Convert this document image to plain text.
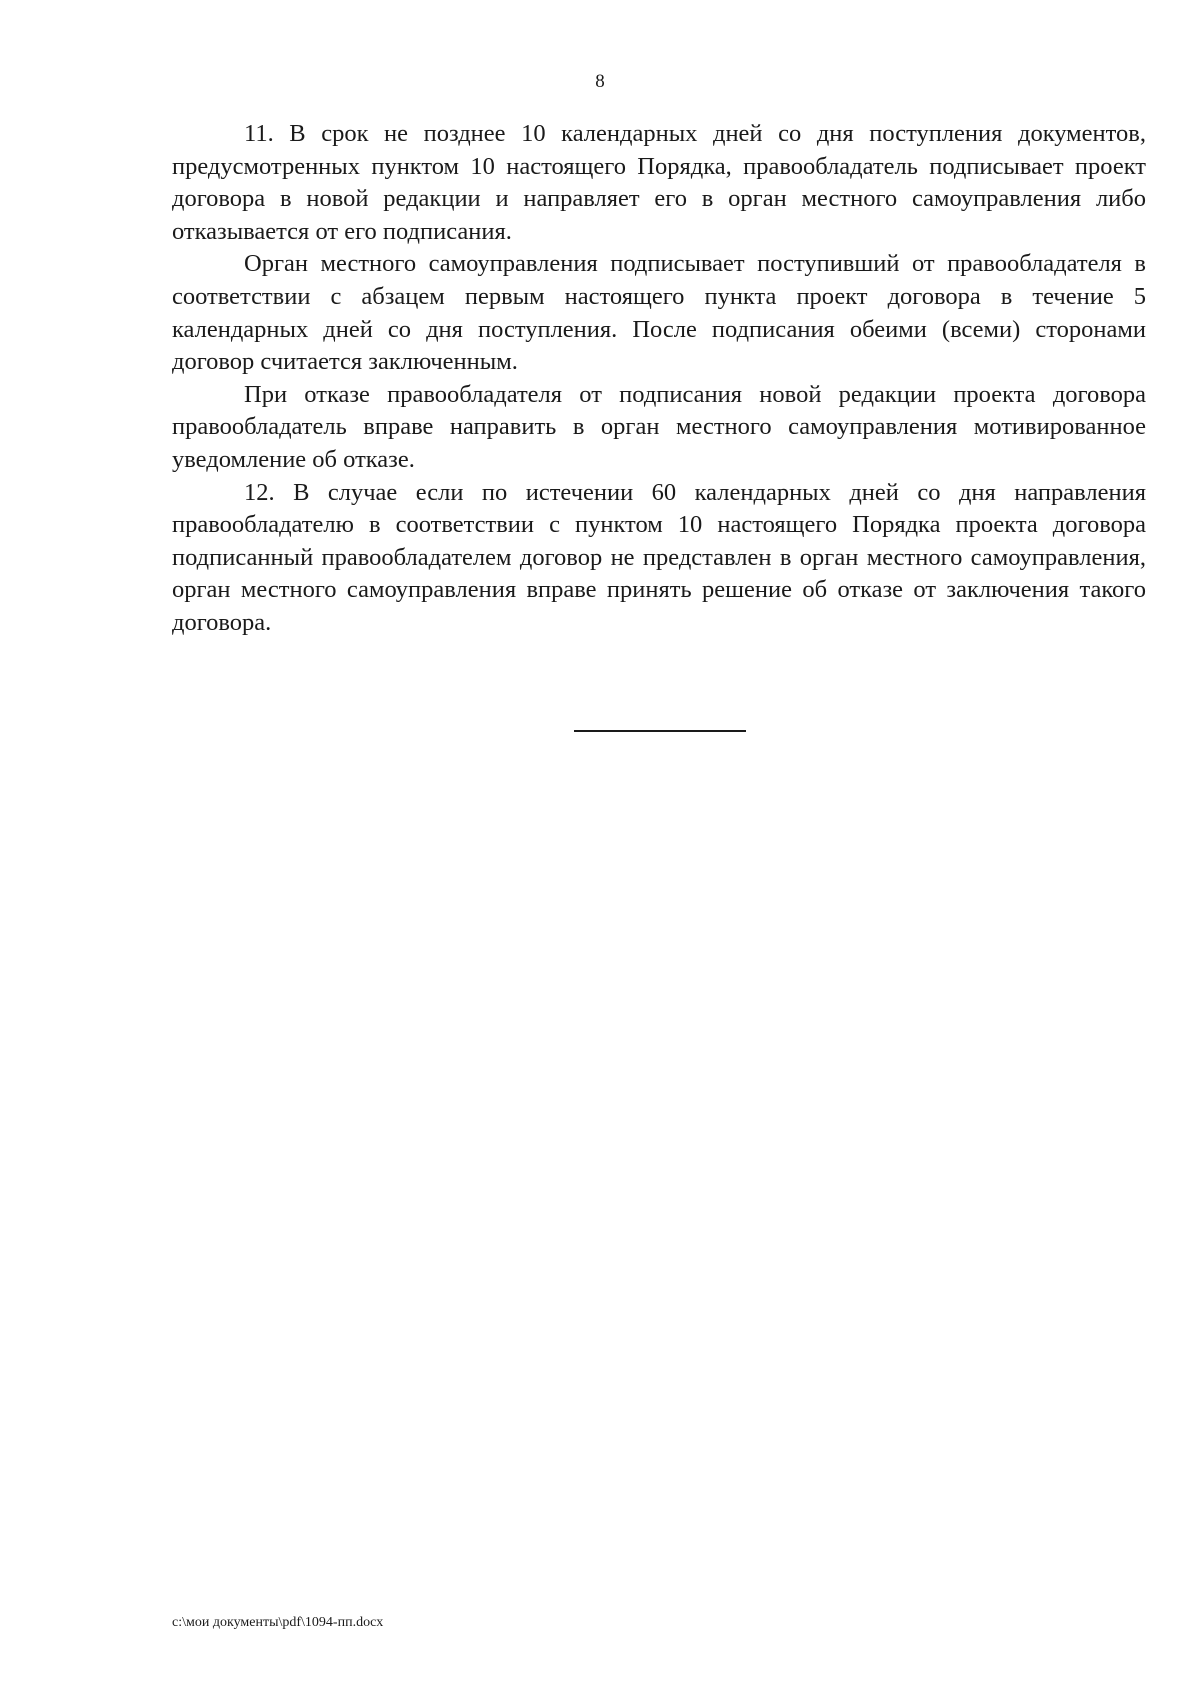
8

11. В срок не позднее 10 календарных дней со дня поступления документов, предусмотренных пунктом 10 настоящего Порядка, правообладатель подписывает проект договора в новой редакции и направляет его в орган местного самоуправления либо отказывается от его подписания.

Орган местного самоуправления подписывает поступивший от правообладателя в соответствии с абзацем первым настоящего пункта проект договора в течение 5 календарных дней со дня поступления. После подписания обеими (всеми) сторонами договор считается заключенным.

При отказе правообладателя от подписания новой редакции проекта договора правообладатель вправе направить в орган местного самоуправления мотивированное уведомление об отказе.

12. В случае если по истечении 60 календарных дней со дня направления правообладателю в соответствии с пунктом 10 настоящего Порядка проекта договора подписанный правообладателем договор не представлен в орган местного самоуправления, орган местного самоуправления вправе принять решение об отказе от заключения такого договора.

c:\мои документы\pdf\1094-пп.docx
